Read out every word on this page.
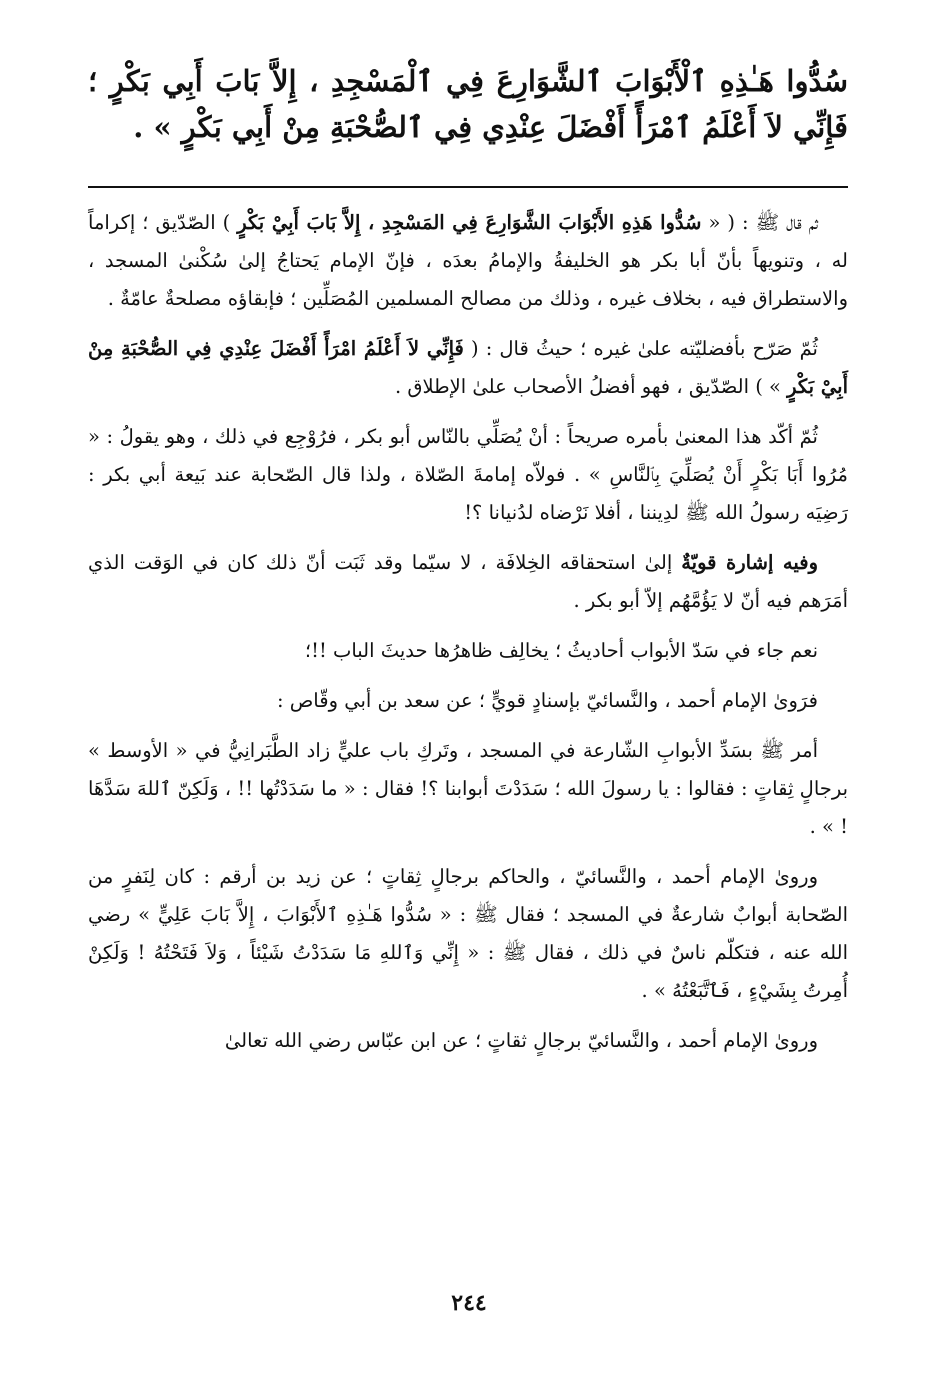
سُدُّوا هَـٰذِهِ ٱلْأَبْوَابَ ٱلشَّوَارِعَ فِي ٱلْمَسْجِدِ ، إِلاَّ بَابَ أَبِي بَكْرٍ ؛ فَإِنِّي لاَ أَعْلَمُ ٱمْرَأً أَفْضَلَ عِنْدِي فِي ٱلصُّحْبَةِ مِنْ أَبِي بَكْرٍ » .

ثم قال ﷺ : ( « سُدُّوا هَذِهِ الأَبْوَابَ الشَّوَارِعَ فِي المَسْجِدِ ، إِلاَّ بَابَ أَبِيْ بَكْرٍ ) الصّدّيق ؛ إكراماً له ، وتنويهاً بأنّ أبا بكر هو الخليفةُ والإمامُ بعدَه ، فإنّ الإمام يَحتاجُ إلىٰ سُكْنىٰ المسجد ، والاستطراق فيه ، بخلاف غيره ، وذلك من مصالح المسلمين المُصَلِّين ؛ فإبقاؤه مصلحةٌ عامّةٌ .

ثُمّ صَرّح بأفضليّته علىٰ غيره ؛ حيثُ قال : ( فَإِنِّي لاَ أَعْلَمُ امْرَأً أَفْضَلَ عِنْدِي فِي الصُّحْبَةِ مِنْ أَبِيْ بَكْرٍ » ) الصّدّيق ، فهو أفضلُ الأصحاب علىٰ الإطلاق .

ثُمّ أكّد هذا المعنىٰ بأمره صريحاً : أنْ يُصَلِّي بالنّاس أبو بكر ، فرُوْجِع في ذلك ، وهو يقولُ : « مُرُوا أَبَا بَكْرٍ أَنْ يُصَلِّيَ بِٱلنَّاسِ » . فولاّه إمامةَ الصّلاة ، ولذا قال الصّحابة عند بَيعة أبي بكر : رَضِيَه رسولُ الله ﷺ لدِيننا ، أفلا نَرْضاه لدُنيانا ؟!

وفيه إشارة قويّةٌ إلىٰ استحقاقه الخِلافَة ، لا سيّما وقد ثَبَت أنّ ذلك كان في الوَقت الذي أمَرَهم فيه أنّ لا يَؤُمَّهُم إلاّ أبو بكر .

نعم جاء في سَدّ الأبواب أحاديثُ ؛ يخالِف ظاهرُها حديثَ الباب !!؛

فرَوىٰ الإمام أحمد ، والنَّسائيّ بإسنادٍ قويٍّ ؛ عن سعد بن أبي وقّاص :

أمر ﷺ بسَدِّ الأبوابِ الشّارعة في المسجد ، وتَركِ باب عليٍّ زاد الطَّبَرانِيُّ في « الأوسط » برجالٍ ثِقاتٍ : فقالوا : يا رسولَ الله ؛ سَدَدْتَ أبوابنا ؟! فقال : « ما سَدَدْتُها !! ، وَلَكِنّ ٱللهَ سَدَّهَا ! » .

وروىٰ الإمام أحمد ، والنَّسائيّ ، والحاكم برجالٍ ثِقاتٍ ؛ عن زيد بن أرقم : كان لِنَفرٍ من الصّحابة أبوابٌ شارعةٌ في المسجد ؛ فقال ﷺ : « سُدُّوا هَـٰذِهِ ٱلأَبْوَابَ ، إِلاَّ بَابَ عَلِيٍّ » رضي الله عنه ، فتكلّم ناسٌ في ذلك ، فقال ﷺ : « إِنِّي وَٱللهِ مَا سَدَدْتُ شَيْئاً ، وَلاَ فَتَحْتُهُ ! وَلَكِنْ أُمِرتُ بِشَيْءٍ ، فَٱتَّبَعْتُهُ » .

وروىٰ الإمام أحمد ، والنَّسائيّ برجالٍ ثقاتٍ ؛ عن ابن عبّاس رضي الله تعالىٰ

٢٤٤
